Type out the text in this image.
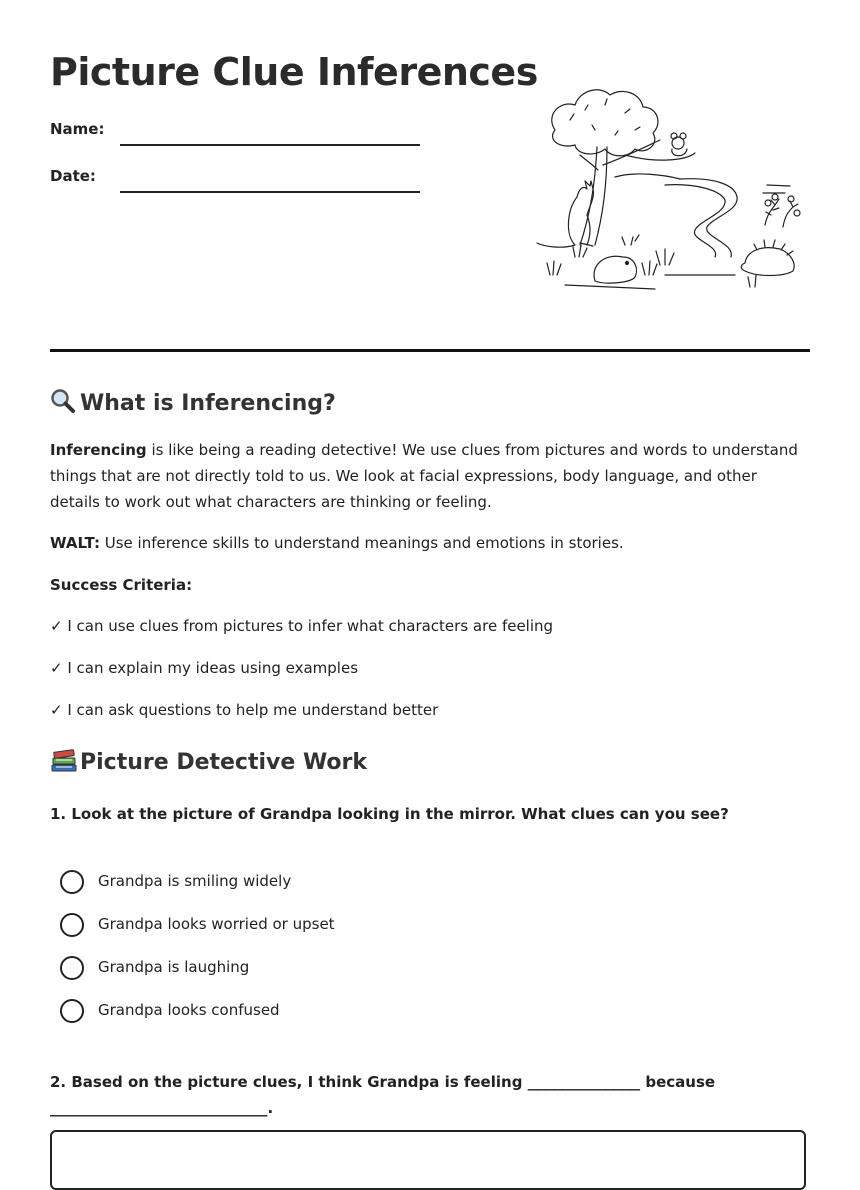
Picture Clue Inferences
Name:
Date:
What is Inferencing?

Inferencing is like being a reading detective! We use clues from pictures and words to understand things that are not directly told to us. We look at facial expressions, body language, and other details to work out what characters are thinking or feeling.

WALT: Use inference skills to understand meanings and emotions in stories.

Success Criteria:

✓ I can use clues from pictures to infer what characters are feeling
✓ I can explain my ideas using examples
✓ I can ask questions to help me understand better
Picture Detective Work

1. Look at the picture of Grandpa looking in the mirror. What clues can you see?

Grandpa is smiling widely
Grandpa looks worried or upset
Grandpa is laughing
Grandpa looks confused

2. Based on the picture clues, I think Grandpa is feeling _______________ because _____________________________.
